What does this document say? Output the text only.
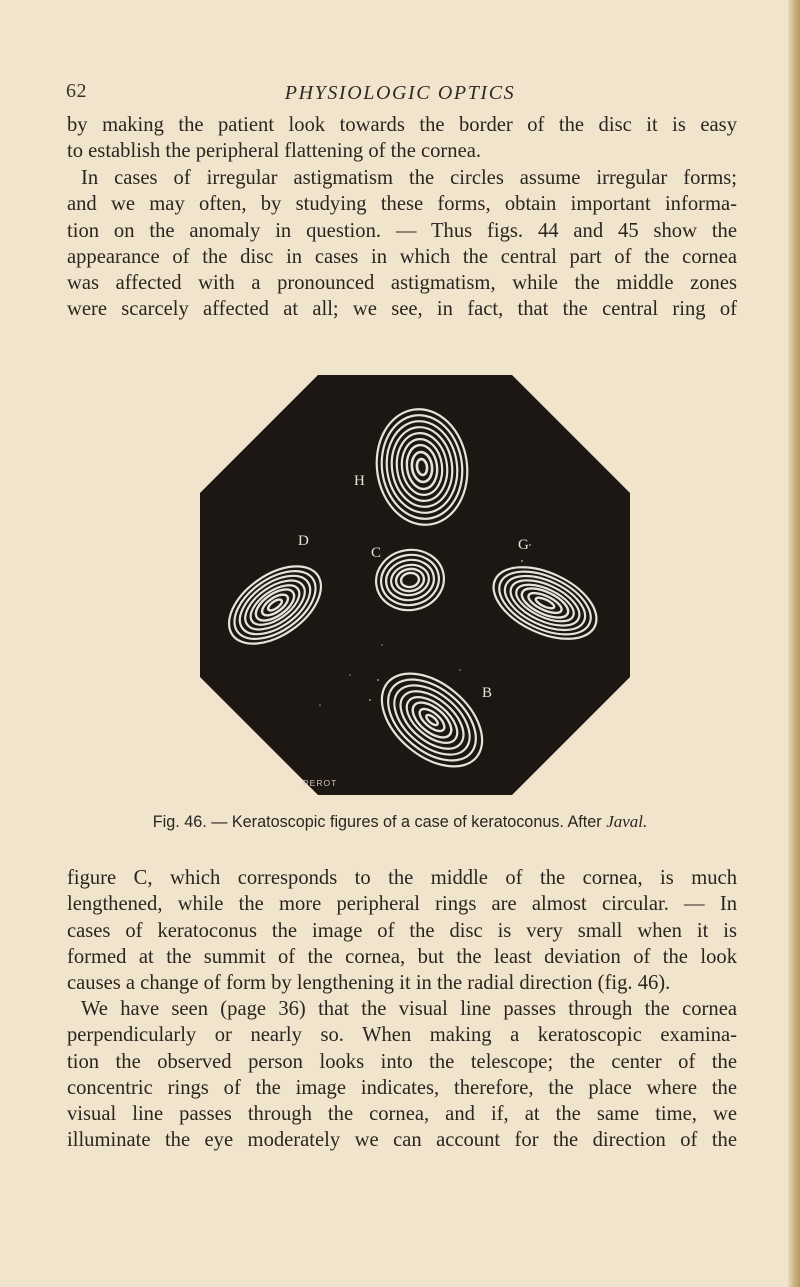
62	PHYSIOLOGIC OPTICS

by making the patient look towards the border of the disc it is easy
to establish the peripheral flattening of the cornea.

In cases of irregular astigmatism the circles assume irregular forms;
and we may often, by studying these forms, obtain important informa-
tion on the anomaly in question. — Thus figs. 44 and 45 show the
appearance of the disc in cases in which the central part of the cornea
was affected with a pronounced astigmatism, while the middle zones
were scarcely affected at all; we see, in fact, that the central ring of

H
D
C	G
B
PEROT
Fig. 46. — Keratoscopic figures of a case of keratoconus. After Javal.

figure C, which corresponds to the middle of the cornea, is much
lengthened, while the more peripheral rings are almost circular. — In
cases of keratoconus the image of the disc is very small when it is
formed at the summit of the cornea, but the least deviation of the look
causes a change of form by lengthening it in the radial direction (fig. 46).

We have seen (page 36) that the visual line passes through the cornea
perpendicularly or nearly so. When making a keratoscopic examina-
tion the observed person looks into the telescope; the center of the
concentric rings of the image indicates, therefore, the place where the
visual line passes through the cornea, and if, at the same time, we
illuminate the eye moderately we can account for the direction of the
